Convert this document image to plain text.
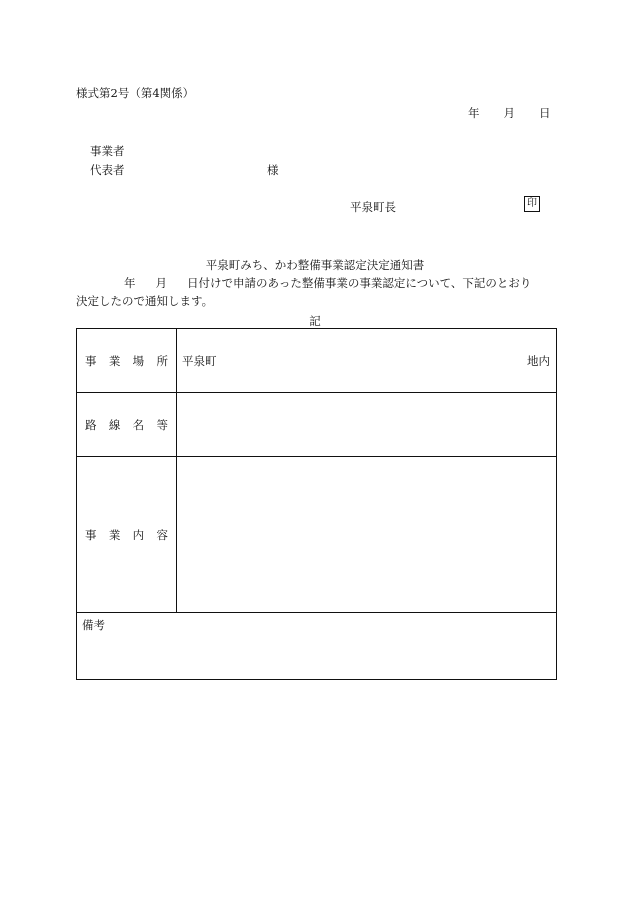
様式第2号（第4関係）
年 月 日
事業者
代表者	様
平泉町長	印
平泉町みち、かわ整備事業認定決定通知書
年 月 日付けで申請のあった整備事業の事業認定について、下記のとおり
決定したので通知します。
記
事業場所	平泉町 地内

路線名等	
事業内容	

備考	
